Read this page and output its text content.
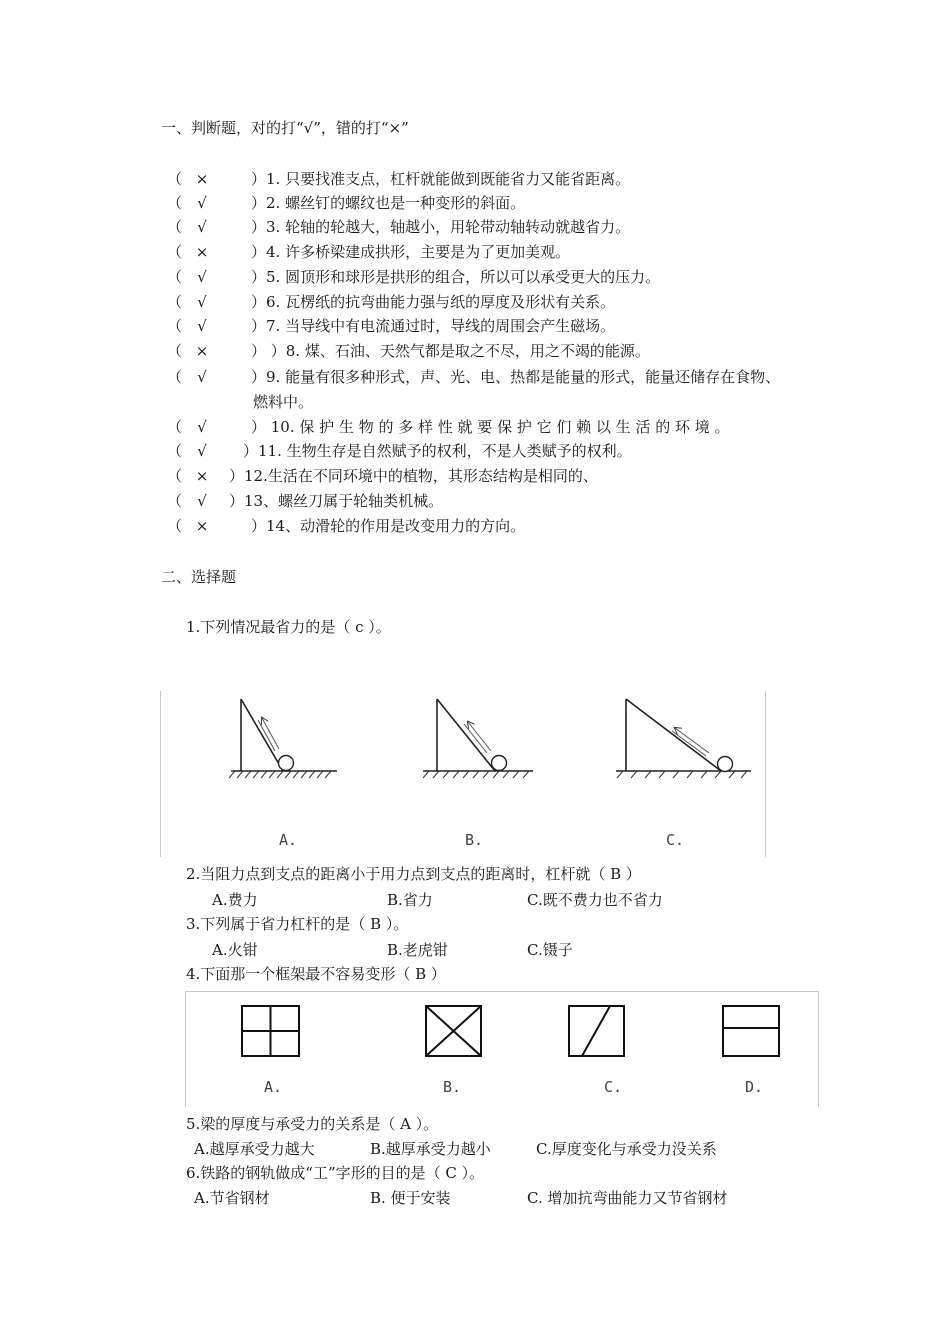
一、判断题，对的打“√”，错的打“×”
（ ×	）1. 只要找准支点，杠杆就能做到既能省力又能省距离。
（ √	）2. 螺丝钉的螺纹也是一种变形的斜面。
（ √	）3. 轮轴的轮越大，轴越小，用轮带动轴转动就越省力。
（ ×	）4. 许多桥梁建成拱形，主要是为了更加美观。
（ √	）5. 圆顶形和球形是拱形的组合，所以可以承受更大的压力。
（ √	）6. 瓦楞纸的抗弯曲能力强与纸的厚度及形状有关系。
（ √	）7. 当导线中有电流通过时，导线的周围会产生磁场。
（ ×	） ）8. 煤、石油、天然气都是取之不尽，用之不竭的能源。
（ √	）9. 能量有很多种形式，声、光、电、热都是能量的形式，能量还储存在食物、
燃料中。
（ √	） 10. 保 护 生 物 的 多 样 性 就 要 保 护 它 们 赖 以 生 活 的 环 境 。
（ √ ）11. 生物生存是自然赋予的权利，不是人类赋予的权利。
（ × ）12.生活在不同环境中的植物，其形态结构是相同的、
（ √ ）13、螺丝刀属于轮轴类机械。
（ ×	）14、动滑轮的作用是改变用力的方向。
二、选择题
1.下列情况最省力的是（ c ）。
A.	B.	C.
2.当阻力点到支点的距离小于用力点到支点的距离时，杠杆就（ B ）
A.费力	B.省力	C.既不费力也不省力
3.下列属于省力杠杆的是（ B ）。
A.火钳	B.老虎钳	C.镊子
4.下面那一个框架最不容易变形（ B ）
A.	B.	C.	D.
5.梁的厚度与承受力的关系是（ A ）。
A.越厚承受力越大	B.越厚承受力越小	C.厚度变化与承受力没关系
6.铁路的钢轨做成“工”字形的目的是（ C ）。
A.节省钢材	B. 便于安装	C. 增加抗弯曲能力又节省钢材
